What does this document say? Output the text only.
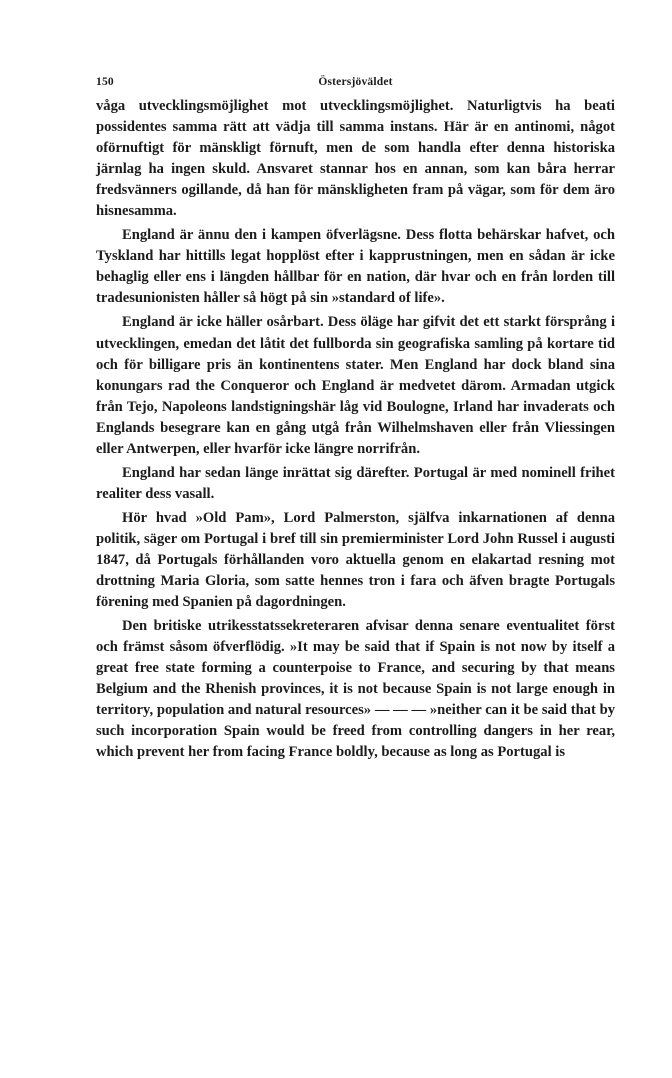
150	Östersjöväldet

våga utvecklingsmöjlighet mot utvecklingsmöjlighet. Naturligtvis ha beati possidentes samma rätt att vädja till samma instans. Här är en antinomi, något oförnuftigt för mänskligt förnuft, men de som handla efter denna historiska järnlag ha ingen skuld. Ansvaret stannar hos en annan, som kan båra herrar fredsvänners ogillande, då han för mänskligheten fram på vägar, som för dem äro hisnesamma.

England är ännu den i kampen öfverlägsne. Dess flotta behärskar hafvet, och Tyskland har hittills legat hopplöst efter i kapprustningen, men en sådan är icke behaglig eller ens i längden hållbar för en nation, där hvar och en från lorden till tradesunionisten håller så högt på sin »standard of life».

England är icke häller osårbart. Dess öläge har gifvit det ett starkt försprång i utvecklingen, emedan det låtit det fullborda sin geografiska samling på kortare tid och för billigare pris än kontinentens stater. Men England har dock bland sina konungars rad the Conqueror och England är medvetet därom. Armadan utgick från Tejo, Napoleons landstigningshär låg vid Boulogne, Irland har invaderats och Englands besegrare kan en gång utgå från Wilhelmshaven eller från Vliessingen eller Antwerpen, eller hvarför icke längre norrifrån.

England har sedan länge inrättat sig därefter. Portugal är med nominell frihet realiter dess vasall.

Hör hvad »Old Pam», Lord Palmerston, själfva inkarnationen af denna politik, säger om Portugal i bref till sin premierminister Lord John Russel i augusti 1847, då Portugals förhållanden voro aktuella genom en elakartad resning mot drottning Maria Gloria, som satte hennes tron i fara och äfven bragte Portugals förening med Spanien på dagordningen.

Den britiske utrikesstatssekreteraren afvisar denna senare eventualitet först och främst såsom öfverflödig. »It may be said that if Spain is not now by itself a great free state forming a counterpoise to France, and securing by that means Belgium and the Rhenish provinces, it is not because Spain is not large enough in territory, population and natural resources» — — — »neither can it be said that by such incorporation Spain would be freed from controlling dangers in her rear, which prevent her from facing France boldly, because as long as Portugal is
